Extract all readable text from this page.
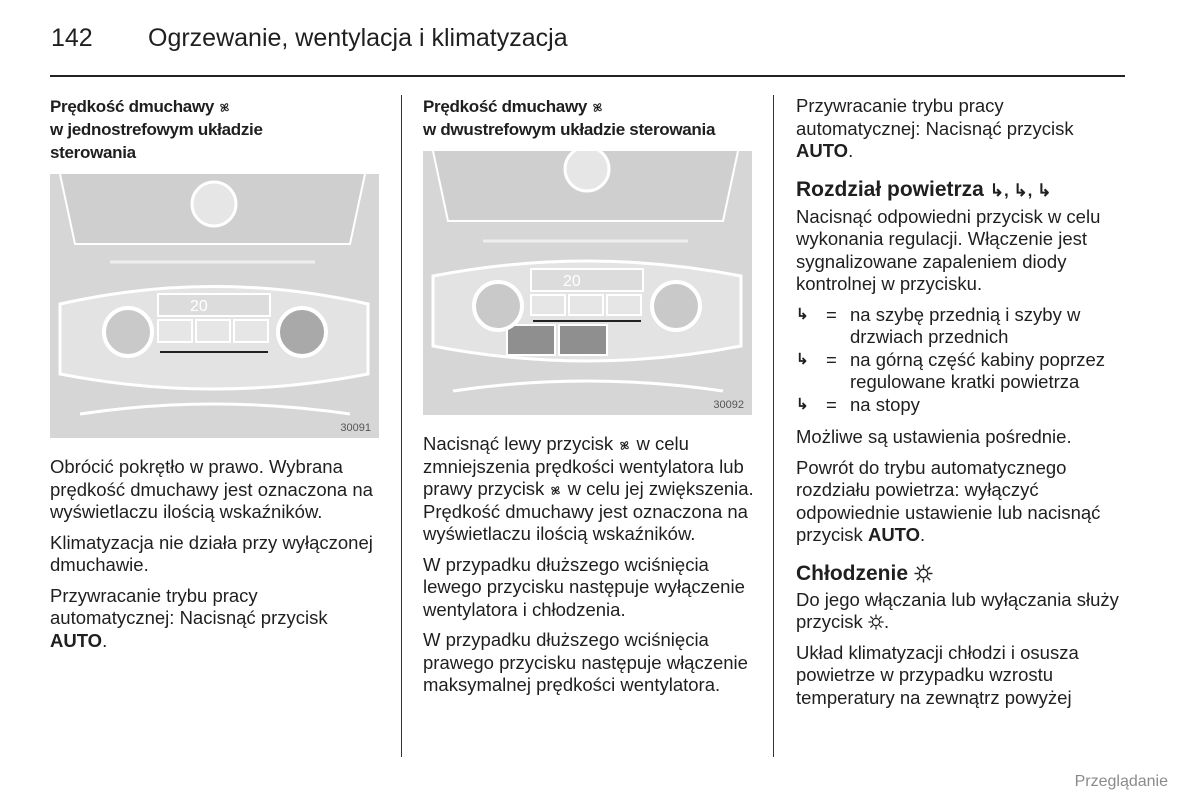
142 Ogrzewanie, wentylacja i klimatyzacja
Prędkość dmuchawy
w jednostrefowym układzie
sterowania
20
30091

Obrócić pokrętło w prawo. Wybrana prędkość dmuchawy jest oznaczona na wyświetlaczu ilością wskaźników.

Klimatyzacja nie działa przy wyłączonej dmuchawie.

Przywracanie trybu pracy automatycznej: Nacisnąć przycisk AUTO.

Prędkość dmuchawy
w dwustrefowym układzie sterowania
20
30092

Nacisnąć lewy przycisk  w celu zmniejszenia prędkości wentylatora lub prawy przycisk  w celu jej zwiększenia. Prędkość dmuchawy jest oznaczona na wyświetlaczu ilością wskaźników.

W przypadku dłuższego wciśnięcia lewego przycisku następuje wyłączenie wentylatora i chłodzenia.

W przypadku dłuższego wciśnięcia prawego przycisku następuje włączenie maksymalnej prędkości wentylatora.

Przywracanie trybu pracy automatycznej: Nacisnąć przycisk AUTO.

Rozdział powietrza ↳, ↳, ↳

Nacisnąć odpowiedni przycisk w celu wykonania regulacji. Włączenie jest sygnalizowane zapaleniem diody kontrolnej w przycisku.

↳ = na szybę przednią i szyby w drzwiach przednich
↳ = na górną część kabiny poprzez regulowane kratki powietrza
↳ = na stopy

Możliwe są ustawienia pośrednie.

Powrót do trybu automatycznego rozdziału powietrza: wyłączyć odpowiednie ustawienie lub nacisnąć przycisk AUTO.

Chłodzenie

Do jego włączania lub wyłączania służy przycisk .

Układ klimatyzacji chłodzi i osusza powietrze w przypadku wzrostu temperatury na zewnątrz powyżej

Przeglądanie
